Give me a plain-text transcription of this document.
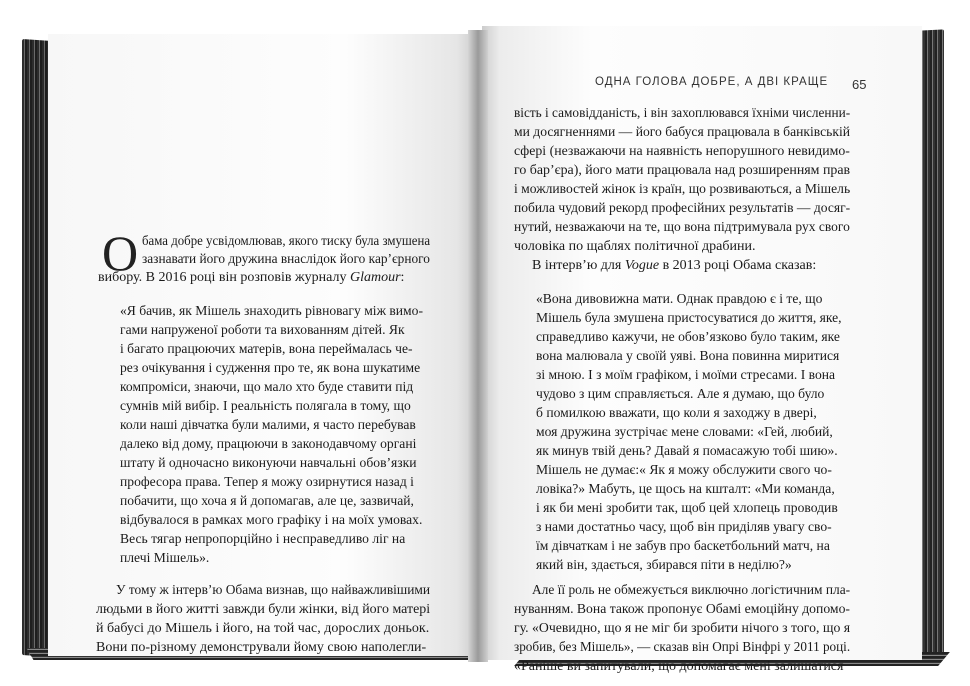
ОДНА ГОЛОВА ДОБРЕ, А ДВІ КРАЩЕ 65
О бама добре усвідомлював, якого тиску була змушена
зазнавати його дружина внаслідок його кар’єрного
вибору. В 2016 році він розповів журналу Glamour:
«Я бачив, як Мішель знаходить рівновагу між вимо-
гами напруженої роботи та вихованням дітей. Як
і багато працюючих матерів, вона переймалась че-
рез очікування і судження про те, як вона шукатиме
компроміси, знаючи, що мало хто буде ставити під
сумнів мій вибір. І реальність полягала в тому, що
коли наші дівчатка були малими, я часто перебував
далеко від дому, працюючи в законодавчому органі
штату й одночасно виконуючи навчальні обов’язки
професора права. Тепер я можу озирнутися назад і
побачити, що хоча я й допомагав, але це, зазвичай,
відбувалося в рамках мого графіку і на моїх умовах.
Весь тягар непропорційно і несправедливо ліг на
плечі Мішель».
У тому ж інтерв’ю Обама визнав, що найважливішими
людьми в його житті завжди були жінки, від його матері
й бабусі до Мішель і його, на той час, дорослих доньок.
Вони по-різному демонстрували йому свою наполегли-
вість і самовідданість, і він захоплювався їхніми численни-
ми досягненнями — його бабуся працювала в банківській
сфері (незважаючи на наявність непорушного невидимо-
го бар’єра), його мати працювала над розширенням прав
і можливостей жінок із країн, що розвиваються, а Мішель
побила чудовий рекорд професійних результатів — досяг-
нутий, незважаючи на те, що вона підтримувала рух свого
чоловіка по щаблях політичної драбини.
В інтерв’ю для Vogue в 2013 році Обама сказав:
«Вона дивовижна мати. Однак правдою є і те, що
Мішель була змушена пристосуватися до життя, яке,
справедливо кажучи, не обов’язково було таким, яке
вона малювала у своїй уяві. Вона повинна миритися
зі мною. І з моїм графіком, і моїми стресами. І вона
чудово з цим справляється. Але я думаю, що було
б помилкою вважати, що коли я заходжу в двері,
моя дружина зустрічає мене словами: «Гей, любий,
як минув твій день? Давай я помасажую тобі шию».
Мішель не думає:« Як я можу обслужити свого чо-
ловіка?» Мабуть, це щось на кшталт: «Ми команда,
і як би мені зробити так, щоб цей хлопець проводив
з нами достатньо часу, щоб він приділяв увагу сво-
їм дівчаткам і не забув про баскетбольний матч, на
який він, здається, збирався піти в неділю?»
Але її роль не обмежується виключно логістичним пла-
нуванням. Вона також пропонує Обамі емоційну допомо-
гу. «Очевидно, що я не міг би зробити нічого з того, що я
зробив, без Мішель», — сказав він Опрі Вінфрі у 2011 році.
«Раніше ви запитували, що допомагає мені залишатися
